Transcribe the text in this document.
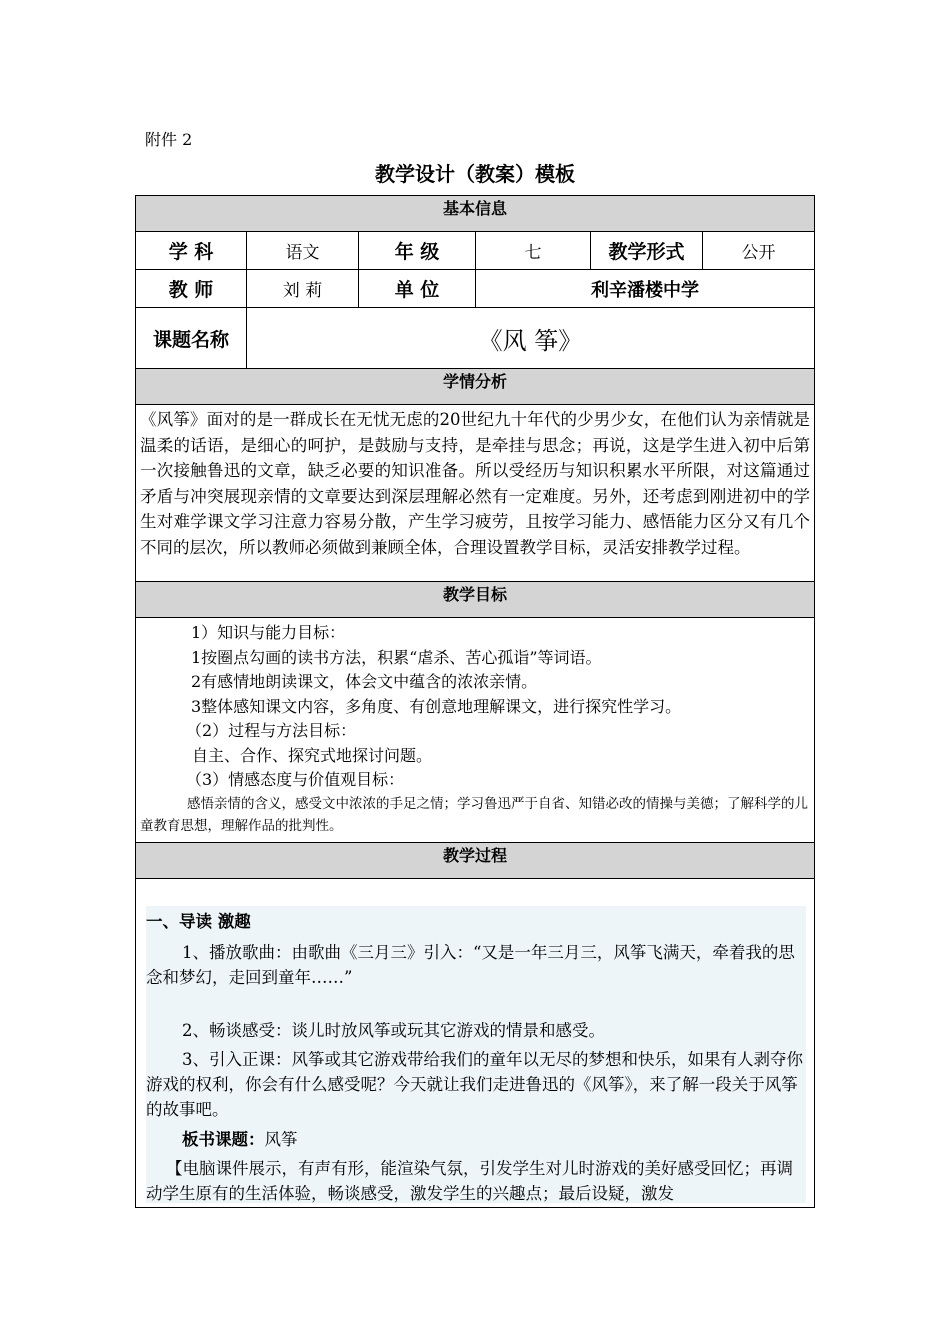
附件 2
教学设计（教案）模板
基本信息
学 科	语文	年 级	七	教学形式	公开
教 师	刘 莉	单 位	利辛潘楼中学
课题名称	《风 筝》
学情分析
《风筝》面对的是一群成长在无忧无虑的20世纪九十年代的少男少女，在他们认为亲情就是温柔的话语，是细心的呵护，是鼓励与支持，是牵挂与思念；再说，这是学生进入初中后第一次接触鲁迅的文章，缺乏必要的知识准备。所以受经历与知识积累水平所限，对这篇通过矛盾与冲突展现亲情的文章要达到深层理解必然有一定难度。另外，还考虑到刚进初中的学生对难学课文学习注意力容易分散，产生学习疲劳，且按学习能力、感悟能力区分又有几个不同的层次，所以教师必须做到兼顾全体，合理设置教学目标，灵活安排教学过程。
教学目标
1）知识与能力目标：
1按圈点勾画的读书方法，积累“虐杀、苦心孤诣”等词语。
2有感情地朗读课文，体会文中蕴含的浓浓亲情。
3整体感知课文内容，多角度、有创意地理解课文，进行探究性学习。
（2）过程与方法目标：
自主、合作、探究式地探讨问题。
（3）情感态度与价值观目标：
感悟亲情的含义，感受文中浓浓的手足之情；学习鲁迅严于自省、知错必改的情操与美德；了解科学的儿童教育思想，理解作品的批判性。
教学过程

一、导读 激趣

1、播放歌曲：由歌曲《三月三》引入：“又是一年三月三，风筝飞满天，牵着我的思念和梦幻，走回到童年……”

2、畅谈感受：谈儿时放风筝或玩其它游戏的情景和感受。

3、引入正课：风筝或其它游戏带给我们的童年以无尽的梦想和快乐，如果有人剥夺你游戏的权利，你会有什么感受呢？今天就让我们走进鲁迅的《风筝》，来了解一段关于风筝的故事吧。

板书课题：风筝

【电脑课件展示，有声有形，能渲染气氛，引发学生对儿时游戏的美好感受回忆；再调动学生原有的生活体验，畅谈感受，激发学生的兴趣点；最后设疑，激发
